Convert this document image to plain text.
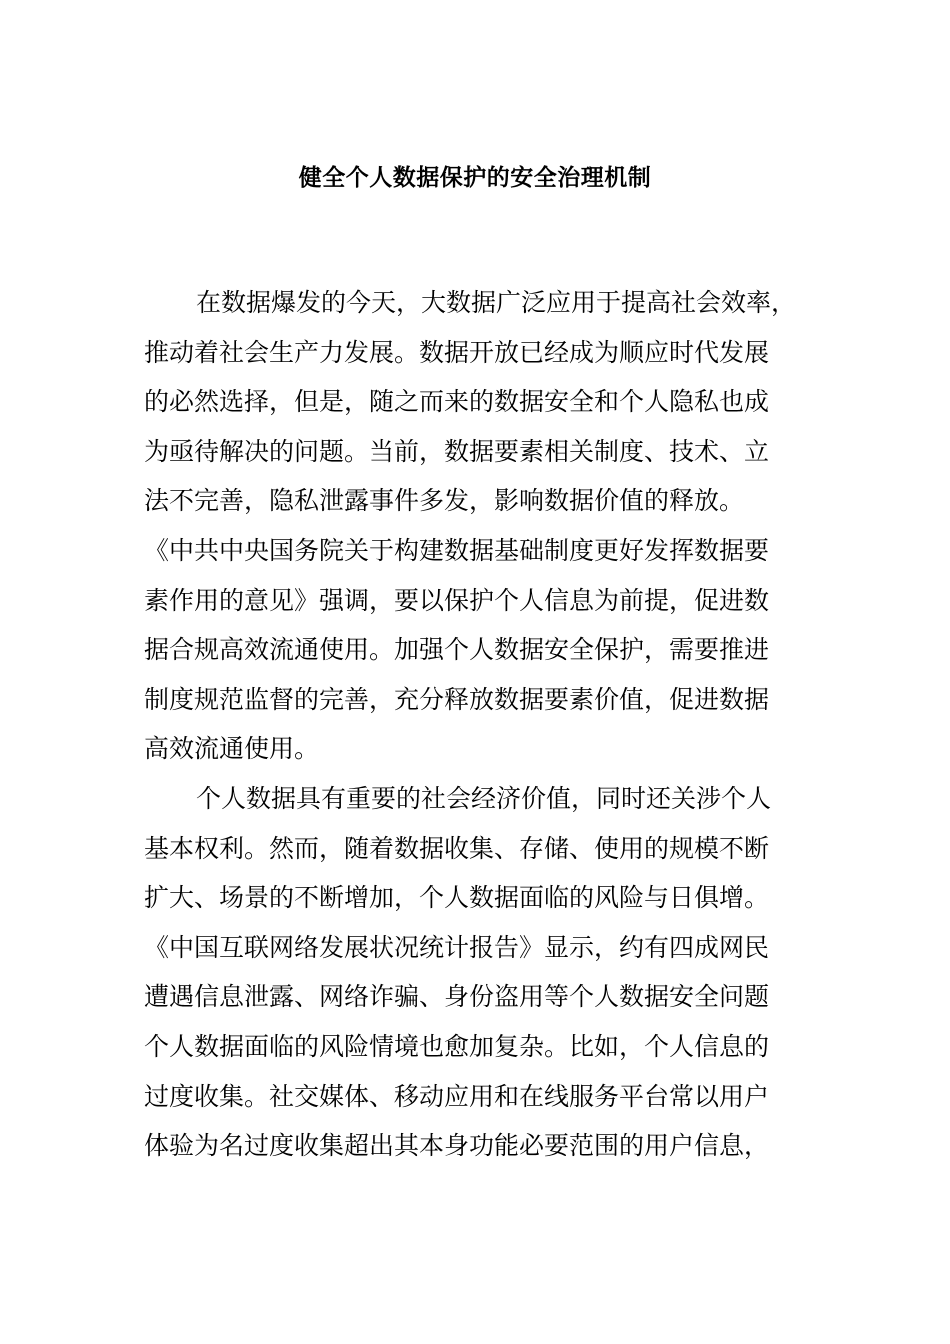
健全个人数据保护的安全治理机制
在数据爆发的今天，大数据广泛应用于提高社会效率，
推动着社会生产力发展。数据开放已经成为顺应时代发展
的必然选择，但是，随之而来的数据安全和个人隐私也成
为亟待解决的问题。当前，数据要素相关制度、技术、立
法不完善，隐私泄露事件多发，影响数据价值的释放。
《中共中央国务院关于构建数据基础制度更好发挥数据要
素作用的意见》强调，要以保护个人信息为前提，促进数
据合规高效流通使用。加强个人数据安全保护，需要推进
制度规范监督的完善，充分释放数据要素价值，促进数据
高效流通使用。
个人数据具有重要的社会经济价值，同时还关涉个人
基本权利。然而，随着数据收集、存储、使用的规模不断
扩大、场景的不断增加，个人数据面临的风险与日俱增。
《中国互联网络发展状况统计报告》显示，约有四成网民
遭遇信息泄露、网络诈骗、身份盗用等个人数据安全问题
个人数据面临的风险情境也愈加复杂。比如，个人信息的
过度收集。社交媒体、移动应用和在线服务平台常以用户
体验为名过度收集超出其本身功能必要范围的用户信息，
